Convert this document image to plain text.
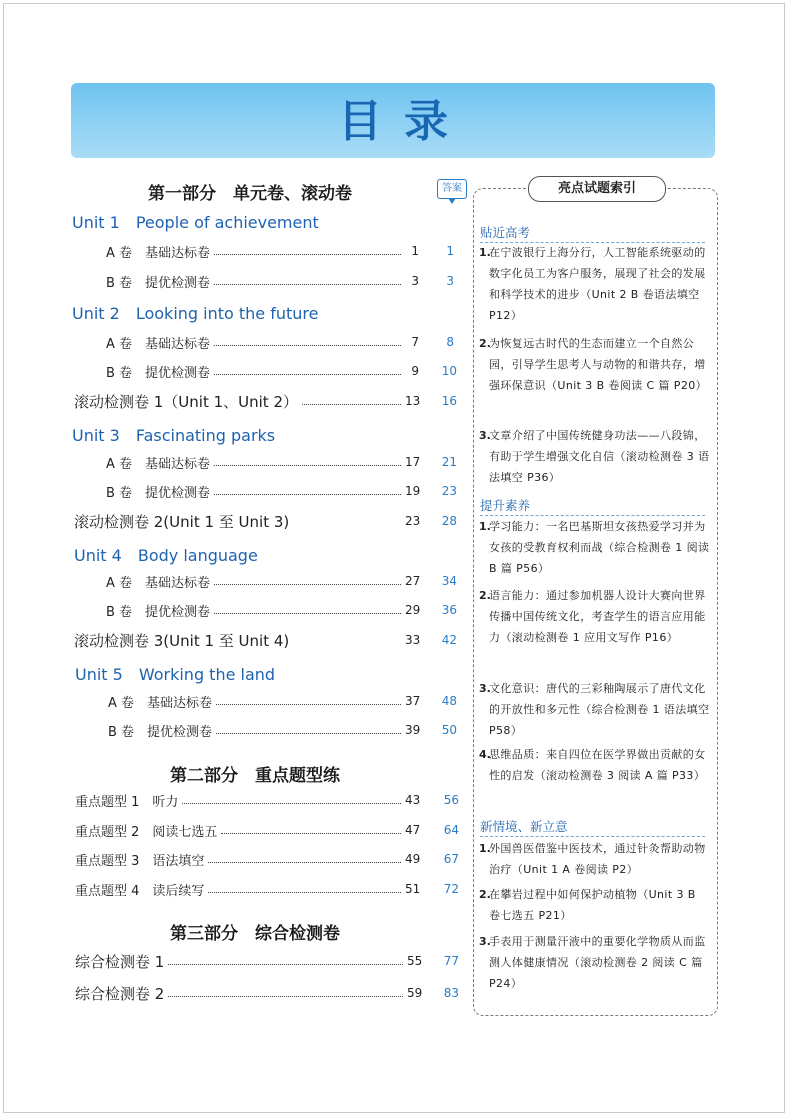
目录
第一部分　单元卷、滚动卷	答案
Unit 1　People of achievement
A 卷　基础达标卷	1	1
B 卷　提优检测卷	3	3
Unit 2　Looking into the future
A 卷　基础达标卷	7	8
B 卷　提优检测卷	9	10
滚动检测卷 1（Unit 1、Unit 2）	13	16
Unit 3　Fascinating parks
A 卷　基础达标卷	17	21
B 卷　提优检测卷	19	23
滚动检测卷 2(Unit 1 至 Unit 3)	23	28
Unit 4　Body language
A 卷　基础达标卷	27	34
B 卷　提优检测卷	29	36
滚动检测卷 3(Unit 1 至 Unit 4)	33	42
Unit 5　Working the land
A 卷　基础达标卷	37	48
B 卷　提优检测卷	39	50
第二部分　重点题型练
重点题型 1　听力	43	56
重点题型 2　阅读七选五	47	64
重点题型 3　语法填空	49	67
重点题型 4　读后续写	51	72
第三部分　综合检测卷
综合检测卷 1	55	77
综合检测卷 2	59	83
亮点试题索引
贴近高考
1.
在宁波银行上海分行，人工智能系统驱动的数字化员工为客户服务，展现了社会的发展和科学技术的进步（Unit 2 B 卷语法填空 P12）
2.
为恢复远古时代的生态而建立一个自然公园，引导学生思考人与动物的和谐共存，增强环保意识（Unit 3 B 卷阅读 C 篇 P20）
3.
文章介绍了中国传统健身功法——八段锦，有助于学生增强文化自信（滚动检测卷 3 语法填空 P36）
提升素养
1.
学习能力：一名巴基斯坦女孩热爱学习并为女孩的受教育权利而战（综合检测卷 1 阅读 B 篇 P56）
2.
语言能力：通过参加机器人设计大赛向世界传播中国传统文化，考查学生的语言应用能力（滚动检测卷 1 应用文写作 P16）
3.
文化意识：唐代的三彩釉陶展示了唐代文化的开放性和多元性（综合检测卷 1 语法填空 P58）
4.
思维品质：来自四位在医学界做出贡献的女性的启发（滚动检测卷 3 阅读 A 篇 P33）
新情境、新立意
1.
外国兽医借鉴中医技术，通过针灸帮助动物治疗（Unit 1 A 卷阅读 P2）
2.
在攀岩过程中如何保护动植物（Unit 3 B 卷七选五 P21）
3.
手表用于测量汗液中的重要化学物质从而监测人体健康情况（滚动检测卷 2 阅读 C 篇 P24）
